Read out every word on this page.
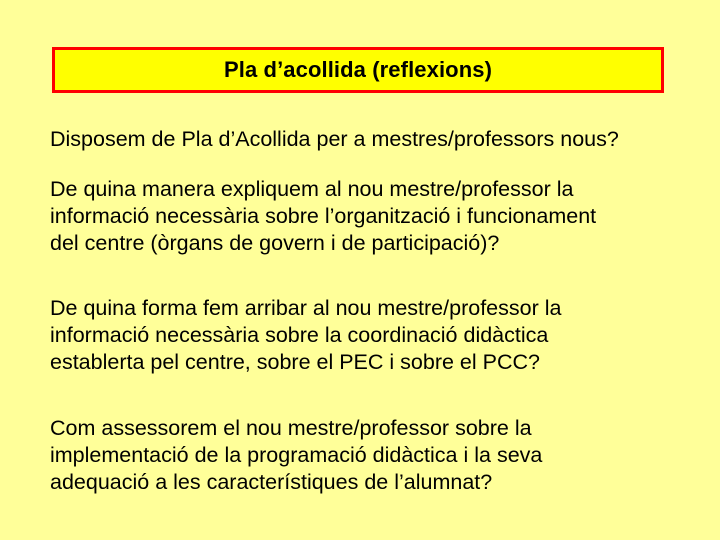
Pla d’acollida (reflexions)

Disposem de Pla d’Acollida per a mestres/professors nous?

De quina manera expliquem al nou mestre/professor la
informació necessària sobre l’organització i funcionament
del centre (òrgans de govern i de participació)?

De quina forma fem arribar al nou mestre/professor la
informació necessària sobre la coordinació didàctica
establerta pel centre, sobre el PEC i sobre el PCC?

Com assessorem el nou mestre/professor sobre la
implementació de la programació didàctica i la seva
adequació a les característiques de l’alumnat?
